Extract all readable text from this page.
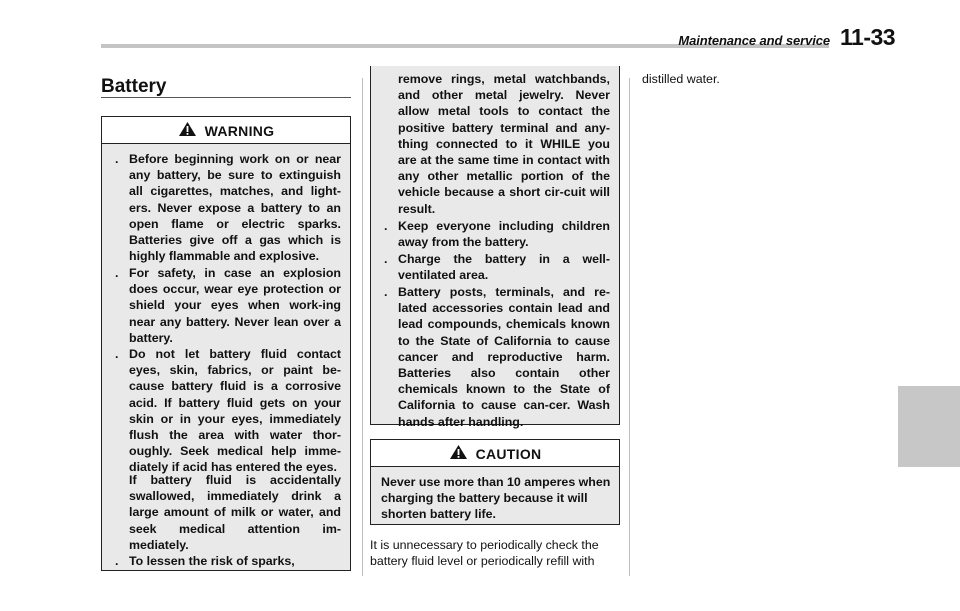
Maintenance and service 11-33
Battery
WARNING
. Before beginning work on or near any battery, be sure to extinguish all cigarettes, matches, and light-ers. Never expose a battery to an open flame or electric sparks. Batteries give off a gas which is highly flammable and explosive.
. For safety, in case an explosion does occur, wear eye protection or shield your eyes when work-ing near any battery. Never lean over a battery.
. Do not let battery fluid contact eyes, skin, fabrics, or paint be-cause battery fluid is a corrosive acid. If battery fluid gets on your skin or in your eyes, immediately flush the area with water thor-oughly. Seek medical help imme-diately if acid has entered the eyes.
If battery fluid is accidentally swallowed, immediately drink a large amount of milk or water, and seek medical attention im-mediately.
. To lessen the risk of sparks,
remove rings, metal watchbands, and other metal jewelry. Never allow metal tools to contact the positive battery terminal and any-thing connected to it WHILE you are at the same time in contact with any other metallic portion of the vehicle because a short cir-cuit will result.
. Keep everyone including children away from the battery.
. Charge the battery in a well-ventilated area.
. Battery posts, terminals, and re-lated accessories contain lead and lead compounds, chemicals known to the State of California to cause cancer and reproductive harm. Batteries also contain other chemicals known to the State of California to cause can-cer. Wash hands after handling.
CAUTION
Never use more than 10 amperes when charging the battery because it will shorten battery life.
It is unnecessary to periodically check the battery fluid level or periodically refill with
distilled water.
